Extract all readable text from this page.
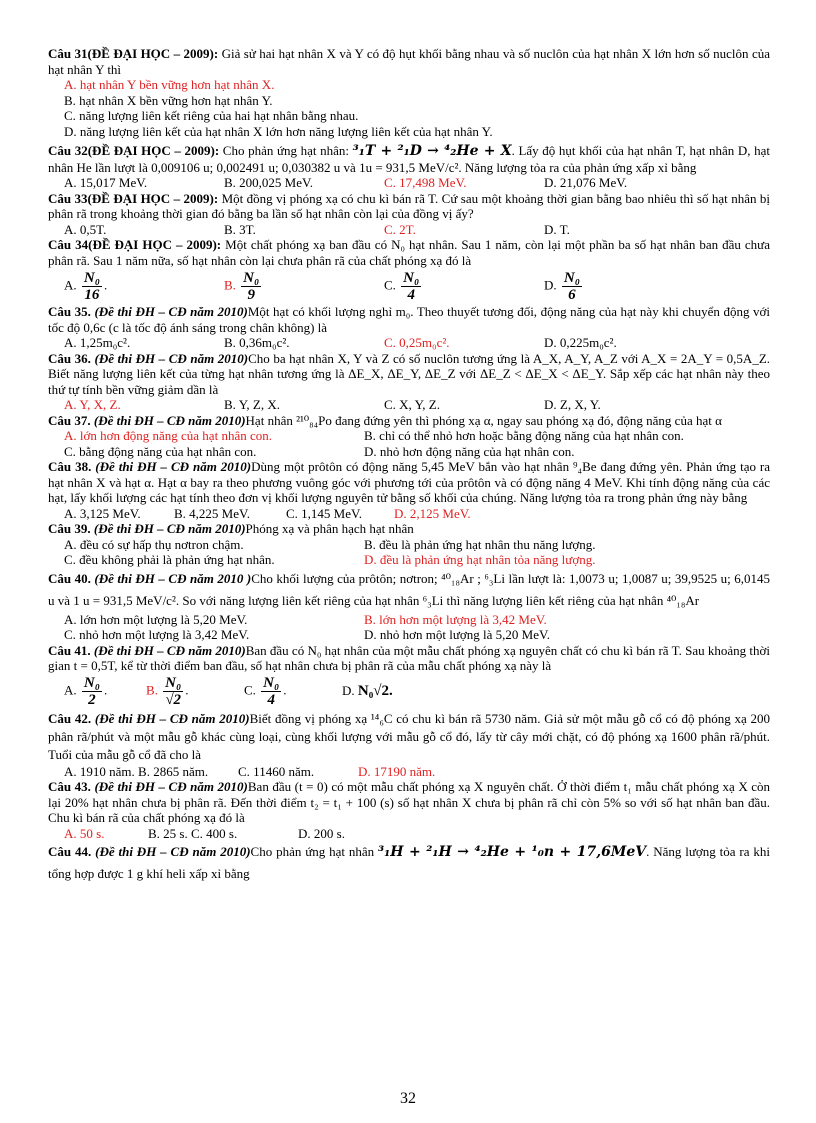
Câu 31(ĐỀ ĐẠI HỌC – 2009): Giả sử hai hạt nhân X và Y có độ hụt khối bằng nhau và số nuclôn của hạt nhân X lớn hơn số nuclôn của hạt nhân Y thì

A. hạt nhân Y bền vững hơn hạt nhân X.
B. hạt nhân X bền vững hơn hạt nhân Y.
C. năng lượng liên kết riêng của hai hạt nhân bằng nhau.
D. năng lượng liên kết của hạt nhân X lớn hơn năng lượng liên kết của hạt nhân Y.

Câu 32(ĐỀ ĐẠI HỌC – 2009): Cho phản ứng hạt nhân: ³₁T + ²₁D → ⁴₂He + X. Lấy độ hụt khối của hạt nhân T, hạt nhân D, hạt nhân He lần lượt là 0,009106 u; 0,002491 u; 0,030382 u và 1u = 931,5 MeV/c². Năng lượng tỏa ra của phản ứng xấp xỉ bằng

A. 15,017 MeV.	B. 200,025 MeV.	C. 17,498 MeV.	D. 21,076 MeV.

Câu 33(ĐỀ ĐẠI HỌC – 2009): Một đồng vị phóng xạ có chu kì bán rã T. Cứ sau một khoảng thời gian bằng bao nhiêu thì số hạt nhân bị phân rã trong khoảng thời gian đó bằng ba lần số hạt nhân còn lại của đồng vị ấy?

A. 0,5T.	B. 3T.	C. 2T.	D. T.

Câu 34(ĐỀ ĐẠI HỌC – 2009): Một chất phóng xạ ban đầu có N₀ hạt nhân. Sau 1 năm, còn lại một phần ba số hạt nhân ban đầu chưa phân rã. Sau 1 năm nữa, số hạt nhân còn lại chưa phân rã của chất phóng xạ đó là

A. $\frac{\text{N₀}}{16}$ .	B. $\frac{\text{N₀}}{9}$	C. $\frac{\text{N₀}}{4}$	D. $\frac{\text{N₀}}{6}$

Câu 35. (Đề thi ĐH – CĐ năm 2010)Một hạt có khối lượng nghỉ m₀. Theo thuyết tương đối, động năng của hạt này khi chuyển động với tốc độ 0,6c (c là tốc độ ánh sáng trong chân không) là

A. 1,25m₀c².	B. 0,36m₀c².	C. 0,25m₀c².	D. 0,225m₀c².

Câu 36. (Đề thi ĐH – CĐ năm 2010)Cho ba hạt nhân X, Y và Z có số nuclôn tương ứng là A_X, A_Y, A_Z với A_X = 2A_Y = 0,5A_Z. Biết năng lượng liên kết của từng hạt nhân tương ứng là ΔE_X, ΔE_Y, ΔE_Z với ΔE_Z < ΔE_X < ΔE_Y. Sắp xếp các hạt nhân này theo thứ tự tính bền vững giảm dần là

A. Y, X, Z.	B. Y, Z, X.	C. X, Y, Z.	D. Z, X, Y.

Câu 37. (Đề thi ĐH – CĐ năm 2010)Hạt nhân ²¹⁰₈₄Po đang đứng yên thì phóng xạ α, ngay sau phóng xạ đó, động năng của hạt α

A. lớn hơn động năng của hạt nhân con.	B. chỉ có thể nhỏ hơn hoặc bằng động năng của hạt nhân con.
C. bằng động năng của hạt nhân con.	D. nhỏ hơn động năng của hạt nhân con.

Câu 38. (Đề thi ĐH – CĐ năm 2010)Dùng một prôtôn có động năng 5,45 MeV bắn vào hạt nhân ⁹₄Be đang đứng yên. Phản ứng tạo ra hạt nhân X và hạt α. Hạt α bay ra theo phương vuông góc với phương tới của prôtôn và có động năng 4 MeV. Khi tính động năng của các hạt, lấy khối lượng các hạt tính theo đơn vị khối lượng nguyên tử bằng số khối của chúng. Năng lượng tỏa ra trong phản ứng này bằng

A. 3,125 MeV.	B. 4,225 MeV.	C. 1,145 MeV.	D. 2,125 MeV.

Câu 39. (Đề thi ĐH – CĐ năm 2010)Phóng xạ và phân hạch hạt nhân

A. đều có sự hấp thụ nơtron chậm.	B. đều là phản ứng hạt nhân thu năng lượng.
C. đều không phải là phản ứng hạt nhân.	D. đều là phản ứng hạt nhân tỏa năng lượng.

Câu 40. (Đề thi ĐH – CĐ năm 2010 )Cho khối lượng của prôtôn; nơtron; ⁴⁰₁₈Ar ; ⁶₃Li lần lượt là: 1,0073 u; 1,0087 u; 39,9525 u; 6,0145 u và 1 u = 931,5 MeV/c². So với năng lượng liên kết riêng của hạt nhân ⁶₃Li thì năng lượng liên kết riêng của hạt nhân ⁴⁰₁₈Ar

A. lớn hơn một lượng là 5,20 MeV.	B. lớn hơn một lượng là 3,42 MeV.
C. nhỏ hơn một lượng là 3,42 MeV.	D. nhỏ hơn một lượng là 5,20 MeV.

Câu 41. (Đề thi ĐH – CĐ năm 2010)Ban đầu có N₀ hạt nhân của một mẫu chất phóng xạ nguyên chất có chu kì bán rã T. Sau khoảng thời gian t = 0,5T, kể từ thời điểm ban đầu, số hạt nhân chưa bị phân rã của mẫu chất phóng xạ này là

A. $\frac{\text{N₀}}{2}$ .	B. $\frac{\text{N₀}}{√2}$ .	C. $\frac{\text{N₀}}{4}$ .	D. N₀√2.

Câu 42. (Đề thi ĐH – CĐ năm 2010)Biết đồng vị phóng xạ ¹⁴₆C có chu kì bán rã 5730 năm. Giả sử một mẫu gỗ cổ có độ phóng xạ 200 phân rã/phút và một mẫu gỗ khác cùng loại, cùng khối lượng với mẫu gỗ cổ đó, lấy từ cây mới chặt, có độ phóng xạ 1600 phân rã/phút. Tuổi của mẫu gỗ cổ đã cho là

A. 1910 năm. B. 2865 năm.	C. 11460 năm.	D. 17190 năm.

Câu 43. (Đề thi ĐH – CĐ năm 2010)Ban đầu (t = 0) có một mẫu chất phóng xạ X nguyên chất. Ở thời điểm t₁ mẫu chất phóng xạ X còn lại 20% hạt nhân chưa bị phân rã. Đến thời điểm t₂ = t₁ + 100 (s) số hạt nhân X chưa bị phân rã chỉ còn 5% so với số hạt nhân ban đầu. Chu kì bán rã của chất phóng xạ đó là

A. 50 s.	B. 25 s. C. 400 s.	D. 200 s.

Câu 44. (Đề thi ĐH – CĐ năm 2010)Cho phản ứng hạt nhân ³₁H + ²₁H → ⁴₂He + ¹₀n + 17,6MeV. Năng lượng tỏa ra khi tổng hợp được 1 g khí heli xấp xỉ bằng

32
